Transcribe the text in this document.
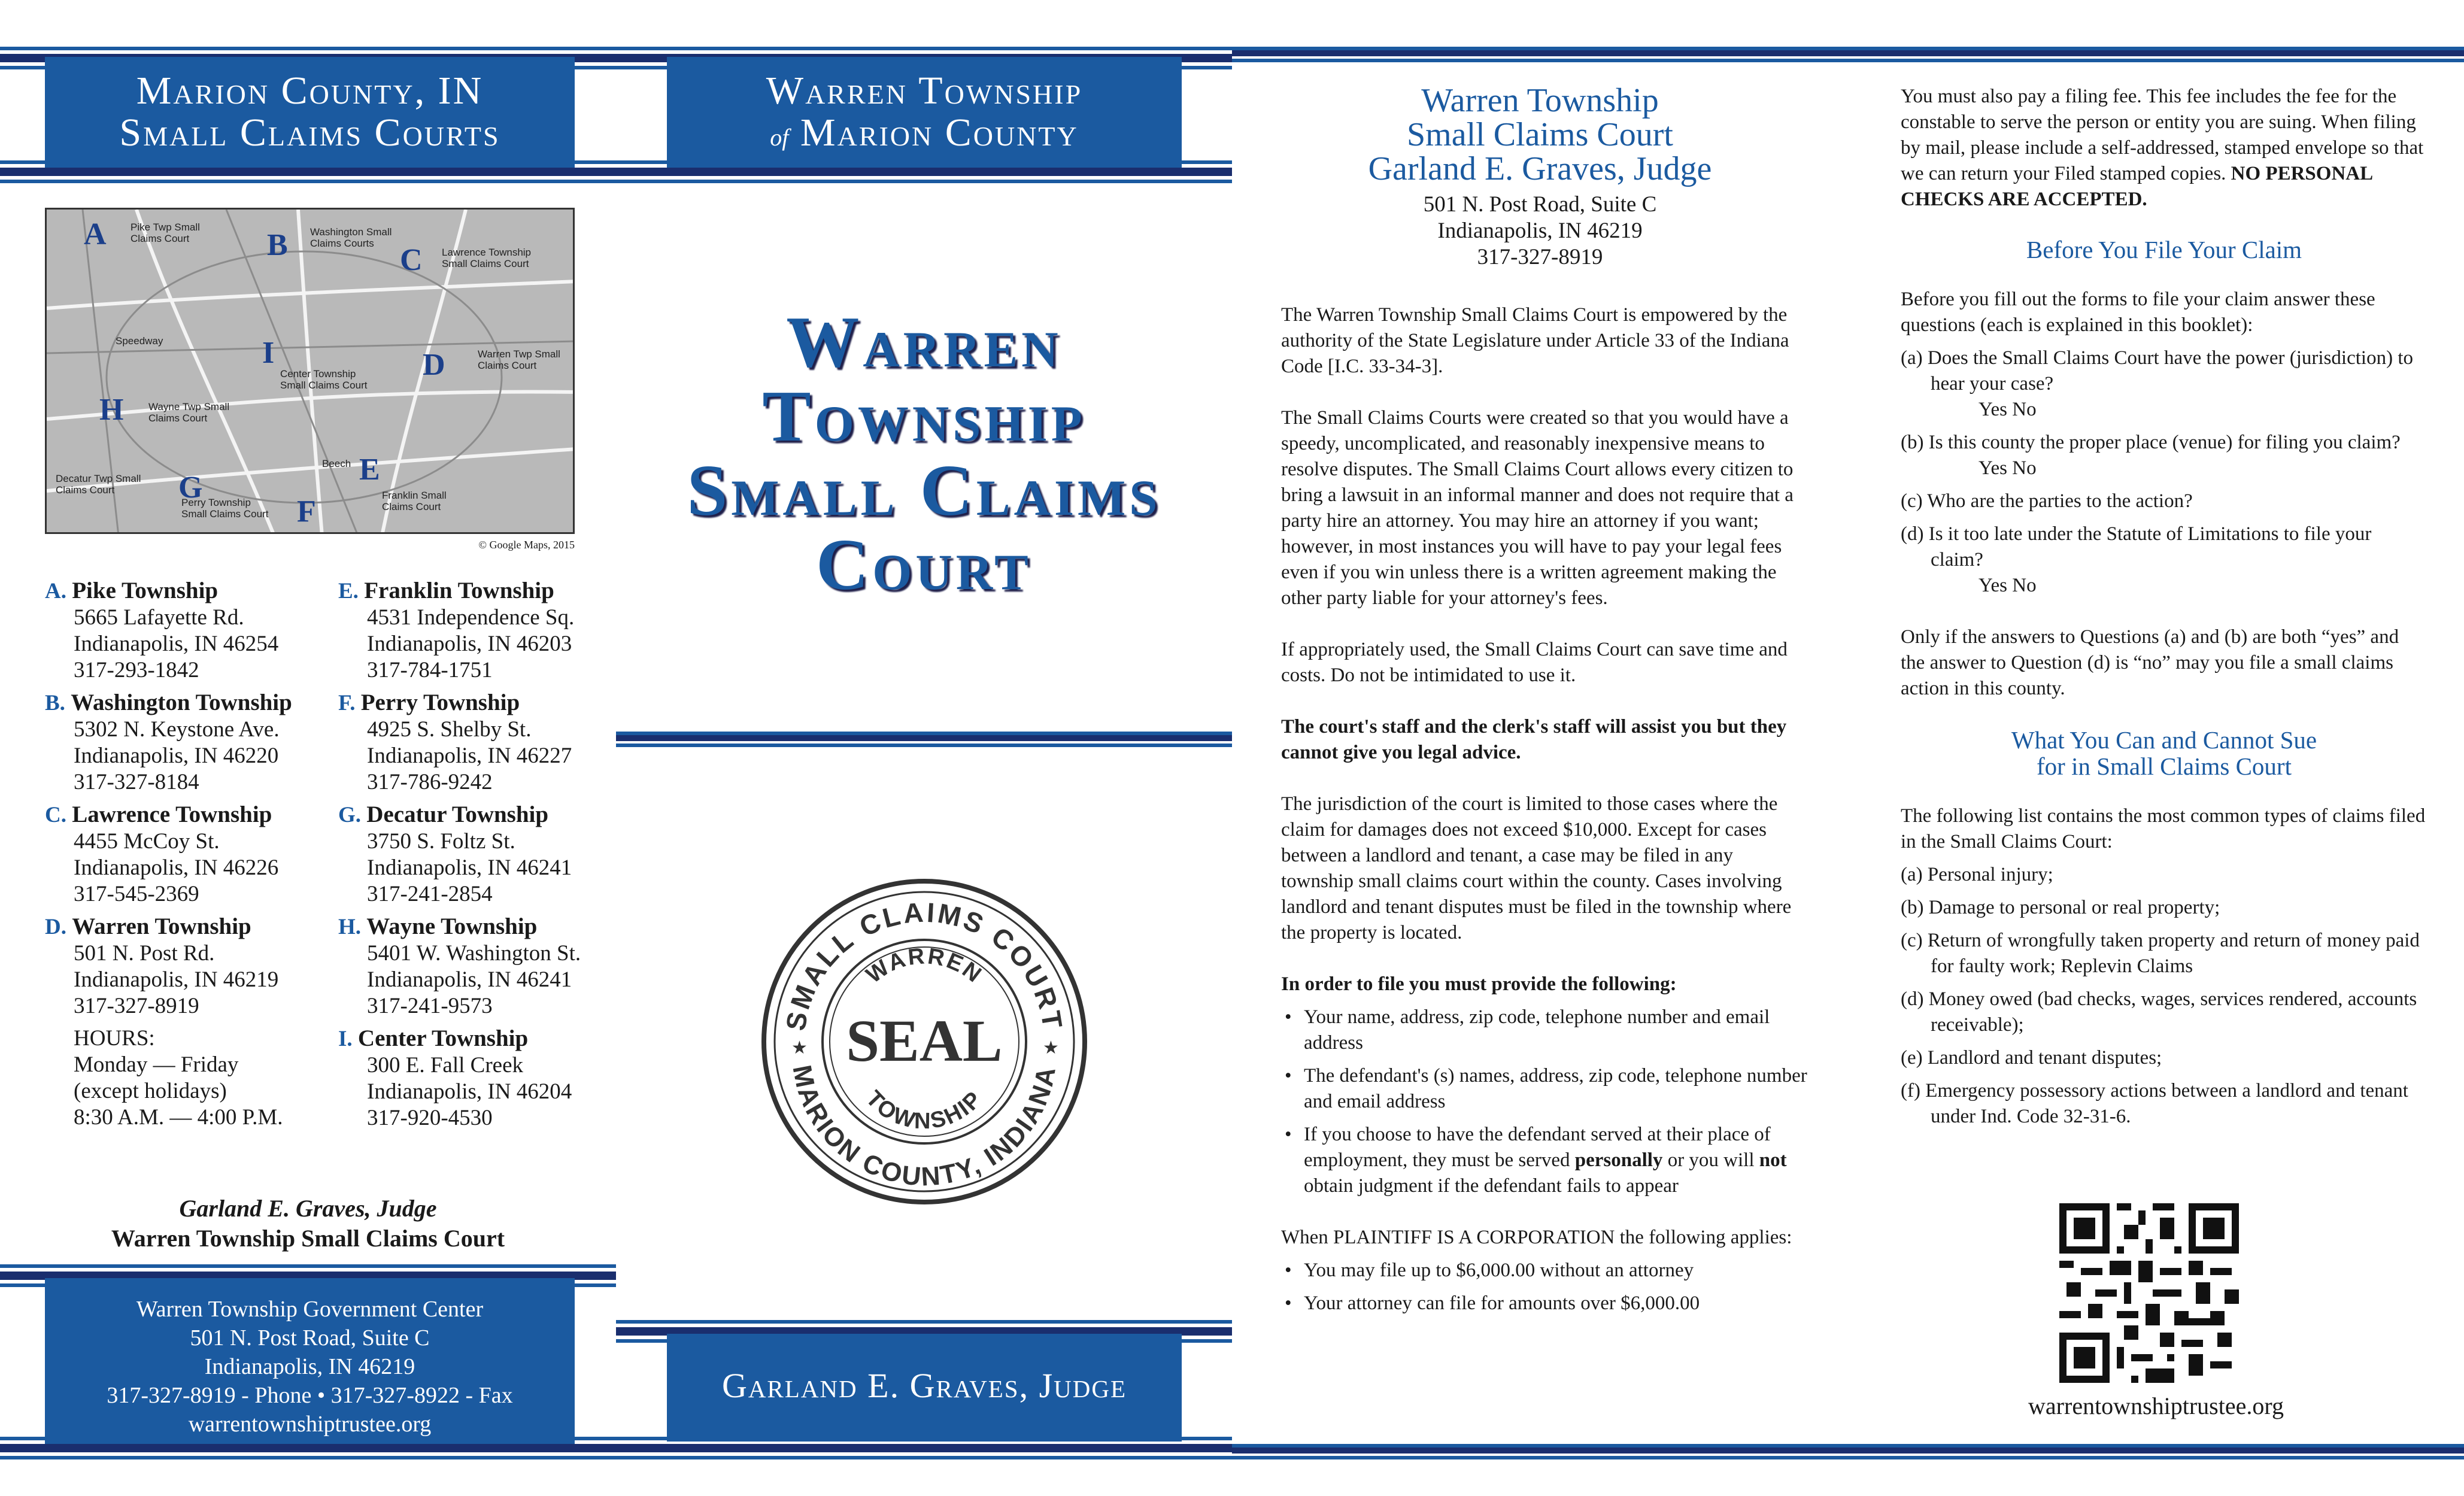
Marion County, IN
Small Claims Courts
A Pike Twp Small
Claims Court	B Washington Small
Claims Courts C Lawrence Township
Small Claims Court
D	Warren Twp Small
Claims Court
E
Franklin Small
Claims Court
F
Perry Township
Small Claims Court
G
Decatur Twp Small
Claims Court
H Wayne Twp Small
Claims Court
I
Center Township
Small Claims Court
Speedway
Beech
© Google Maps, 2015
A. Pike Township
5665 Lafayette Rd.
Indianapolis, IN 46254
317-293-1842
B. Washington Township
5302 N. Keystone Ave.
Indianapolis, IN 46220
317-327-8184
C. Lawrence Township
4455 McCoy St.
Indianapolis, IN 46226
317-545-2369
D. Warren Township
501 N. Post Rd.
Indianapolis, IN 46219
317-327-8919
HOURS:
Monday — Friday
(except holidays)
8:30 A.M. — 4:00 P.M.
E. Franklin Township
4531 Independence Sq.
Indianapolis, IN 46203
317-784-1751
F. Perry Township
4925 S. Shelby St.
Indianapolis, IN 46227
317-786-9242
G. Decatur Township
3750 S. Foltz St.
Indianapolis, IN 46241
317-241-2854
H. Wayne Township
5401 W. Washington St.
Indianapolis, IN 46241
317-241-9573
I. Center Township
300 E. Fall Creek
Indianapolis, IN 46204
317-920-4530
Garland E. Graves, Judge
Warren Township Small Claims Court
Warren Township Government Center
501 N. Post Road, Suite C
Indianapolis, IN 46219
317-327-8919 - Phone • 317-327-8922 - Fax
warrentownshiptrustee.org
Warren Township
of Marion County
Warren
Township
Small Claims
Court
SMALL CLAIMS COURT
MARION COUNTY, INDIANA
WARREN
TOWNSHIP
SEAL
★	★
Garland E. Graves, Judge
Warren Township
Small Claims Court
Garland E. Graves, Judge
501 N. Post Road, Suite C
Indianapolis, IN 46219
317-327-8919

The Warren Township Small Claims Court is empowered by the authority of the State Legislature under Article 33 of the Indiana Code [I.C. 33-34-3].

The Small Claims Courts were created so that you would have a speedy, uncomplicated, and reasonably inexpensive means to resolve disputes. The Small Claims Court allows every citizen to bring a lawsuit in an informal manner and does not require that a party hire an attorney. You may hire an attorney if you want; however, in most instances you will have to pay your legal fees even if you win unless there is a written agreement making the other party liable for your attorney's fees.

If appropriately used, the Small Claims Court can save time and costs. Do not be intimidated to use it.

The court's staff and the clerk's staff will assist you but they cannot give you legal advice.

The jurisdiction of the court is limited to those cases where the claim for damages does not exceed $10,000. Except for cases between a landlord and tenant, a case may be filed in any township small claims court within the county. Cases involving landlord and tenant disputes must be filed in the township where the property is located.

In order to file you must provide the following:

• Your name, address, zip code, telephone number and email address
• The defendant's (s) names, address, zip code, telephone number and email address
• If you choose to have the defendant served at their place of employment, they must be served personally or you will not obtain judgment if the defendant fails to appear

When PLAINTIFF IS A CORPORATION the following applies:

• You may file up to $6,000.00 without an attorney
• Your attorney can file for amounts over $6,000.00

You must also pay a filing fee. This fee includes the fee for the constable to serve the person or entity you are suing. When filing by mail, please include a self-addressed, stamped envelope so that we can return your Filed stamped copies. NO PERSONAL CHECKS ARE ACCEPTED.

Before You File Your Claim

Before you fill out the forms to file your claim answer these questions (each is explained in this booklet):

(a) Does the Small Claims Court have the power (jurisdiction) to hear your case?

Yes No

(b) Is this county the proper place (venue) for filing you claim?

Yes No

(c) Who are the parties to the action?

(d) Is it too late under the Statute of Limitations to file your claim?

Yes No

Only if the answers to Questions (a) and (b) are both “yes” and the answer to Question (d) is “no” may you file a small claims action in this county.

What You Can and Cannot Sue
for in Small Claims Court

The following list contains the most common types of claims filed in the Small Claims Court:

(a) Personal injury;

(b) Damage to personal or real property;

(c) Return of wrongfully taken property and return of money paid for faulty work; Replevin Claims

(d) Money owed (bad checks, wages, services rendered, accounts receivable);

(e) Landlord and tenant disputes;

(f) Emergency possessory actions between a landlord and tenant under Ind. Code 32-31-6.

warrentownshiptrustee.org
